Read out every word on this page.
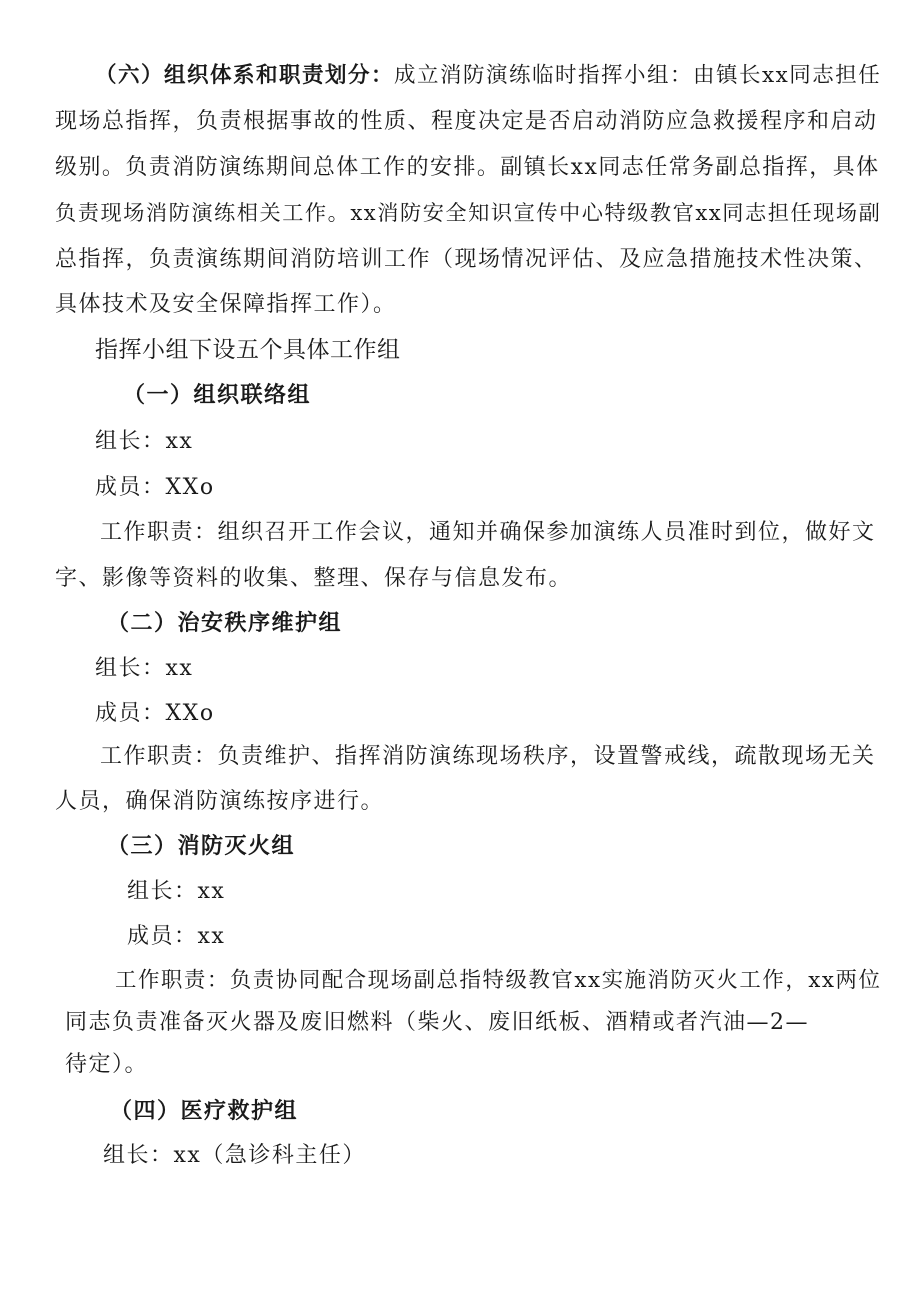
（六）组织体系和职责划分：成立消防演练临时指挥小组：由镇长xx同志担任
现场总指挥，负责根据事故的性质、程度决定是否启动消防应急救援程序和启动
级别。负责消防演练期间总体工作的安排。副镇长xx同志任常务副总指挥，具体
负责现场消防演练相关工作。xx消防安全知识宣传中心特级教官xx同志担任现场副
总指挥，负责演练期间消防培训工作（现场情况评估、及应急措施技术性决策、
具体技术及安全保障指挥工作）。
指挥小组下设五个具体工作组
（一）组织联络组
组长：xx
成员：XXo
工作职责：组织召开工作会议，通知并确保参加演练人员准时到位，做好文
字、影像等资料的收集、整理、保存与信息发布。
（二）治安秩序维护组
组长：xx
成员：XXo
工作职责：负责维护、指挥消防演练现场秩序，设置警戒线，疏散现场无关
人员，确保消防演练按序进行。
（三）消防灭火组
组长：xx
成员：xx
工作职责：负责协同配合现场副总指特级教官xx实施消防灭火工作，xx两位
同志负责准备灭火器及废旧燃料（柴火、废旧纸板、酒精或者汽油—2—
待定）。
（四）医疗救护组
组长：xx（急诊科主任）
